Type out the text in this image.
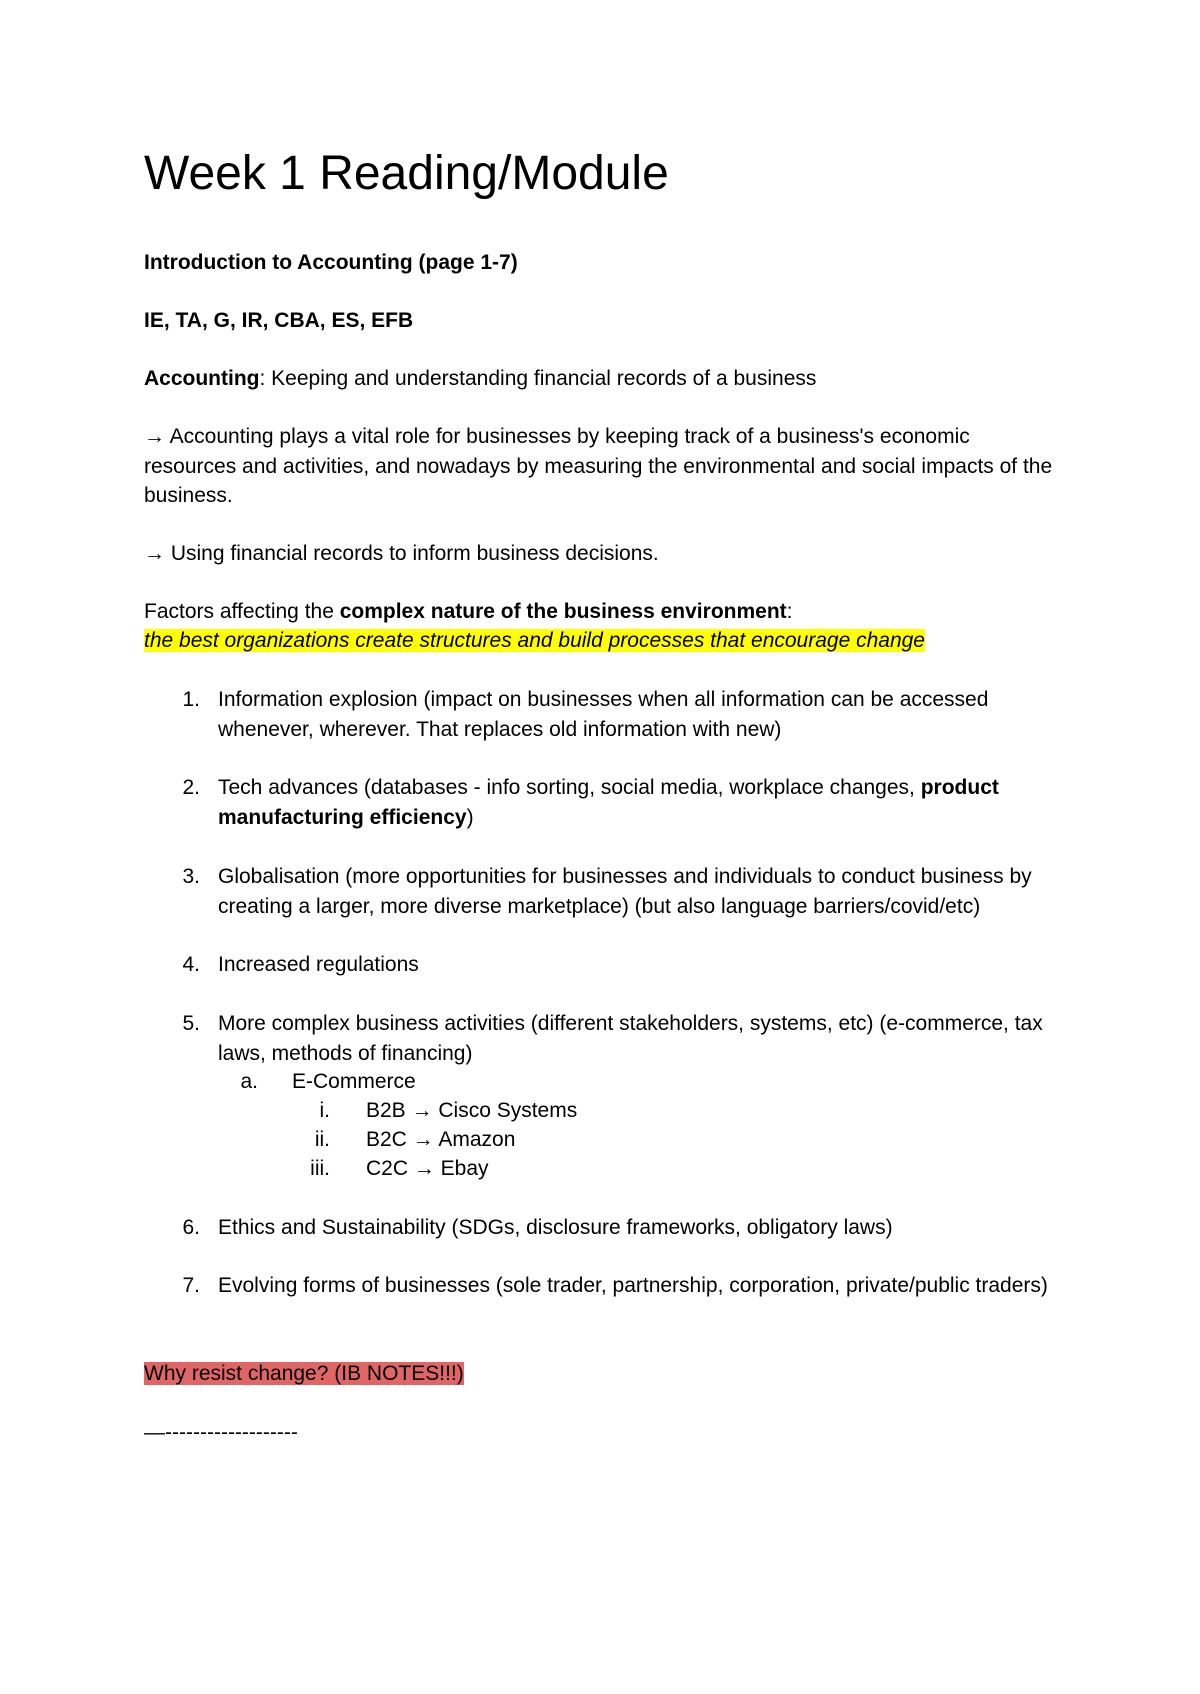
Week 1 Reading/Module

Introduction to Accounting (page 1-7)

IE, TA, G, IR, CBA, ES, EFB

Accounting: Keeping and understanding financial records of a business

→ Accounting plays a vital role for businesses by keeping track of a business's economic resources and activities, and nowadays by measuring the environmental and social impacts of the business.

→ Using financial records to inform business decisions.

Factors affecting the complex nature of the business environment:

the best organizations create structures and build processes that encourage change

1. Information explosion (impact on businesses when all information can be accessed whenever, wherever. That replaces old information with new)
2. Tech advances (databases - info sorting, social media, workplace changes, product manufacturing efficiency)
3. Globalisation (more opportunities for businesses and individuals to conduct business by creating a larger, more diverse marketplace) (but also language barriers/covid/etc)
4. Increased regulations
5. More complex business activities (different stakeholders, systems, etc) (e-commerce, tax laws, methods of financing)
a. E-Commerce
i. B2B → Cisco Systems
ii. B2C → Amazon
iii. C2C → Ebay
6. Ethics and Sustainability (SDGs, disclosure frameworks, obligatory laws)
7. Evolving forms of businesses (sole trader, partnership, corporation, private/public traders)

Why resist change? (IB NOTES!!!)

—-------------------
